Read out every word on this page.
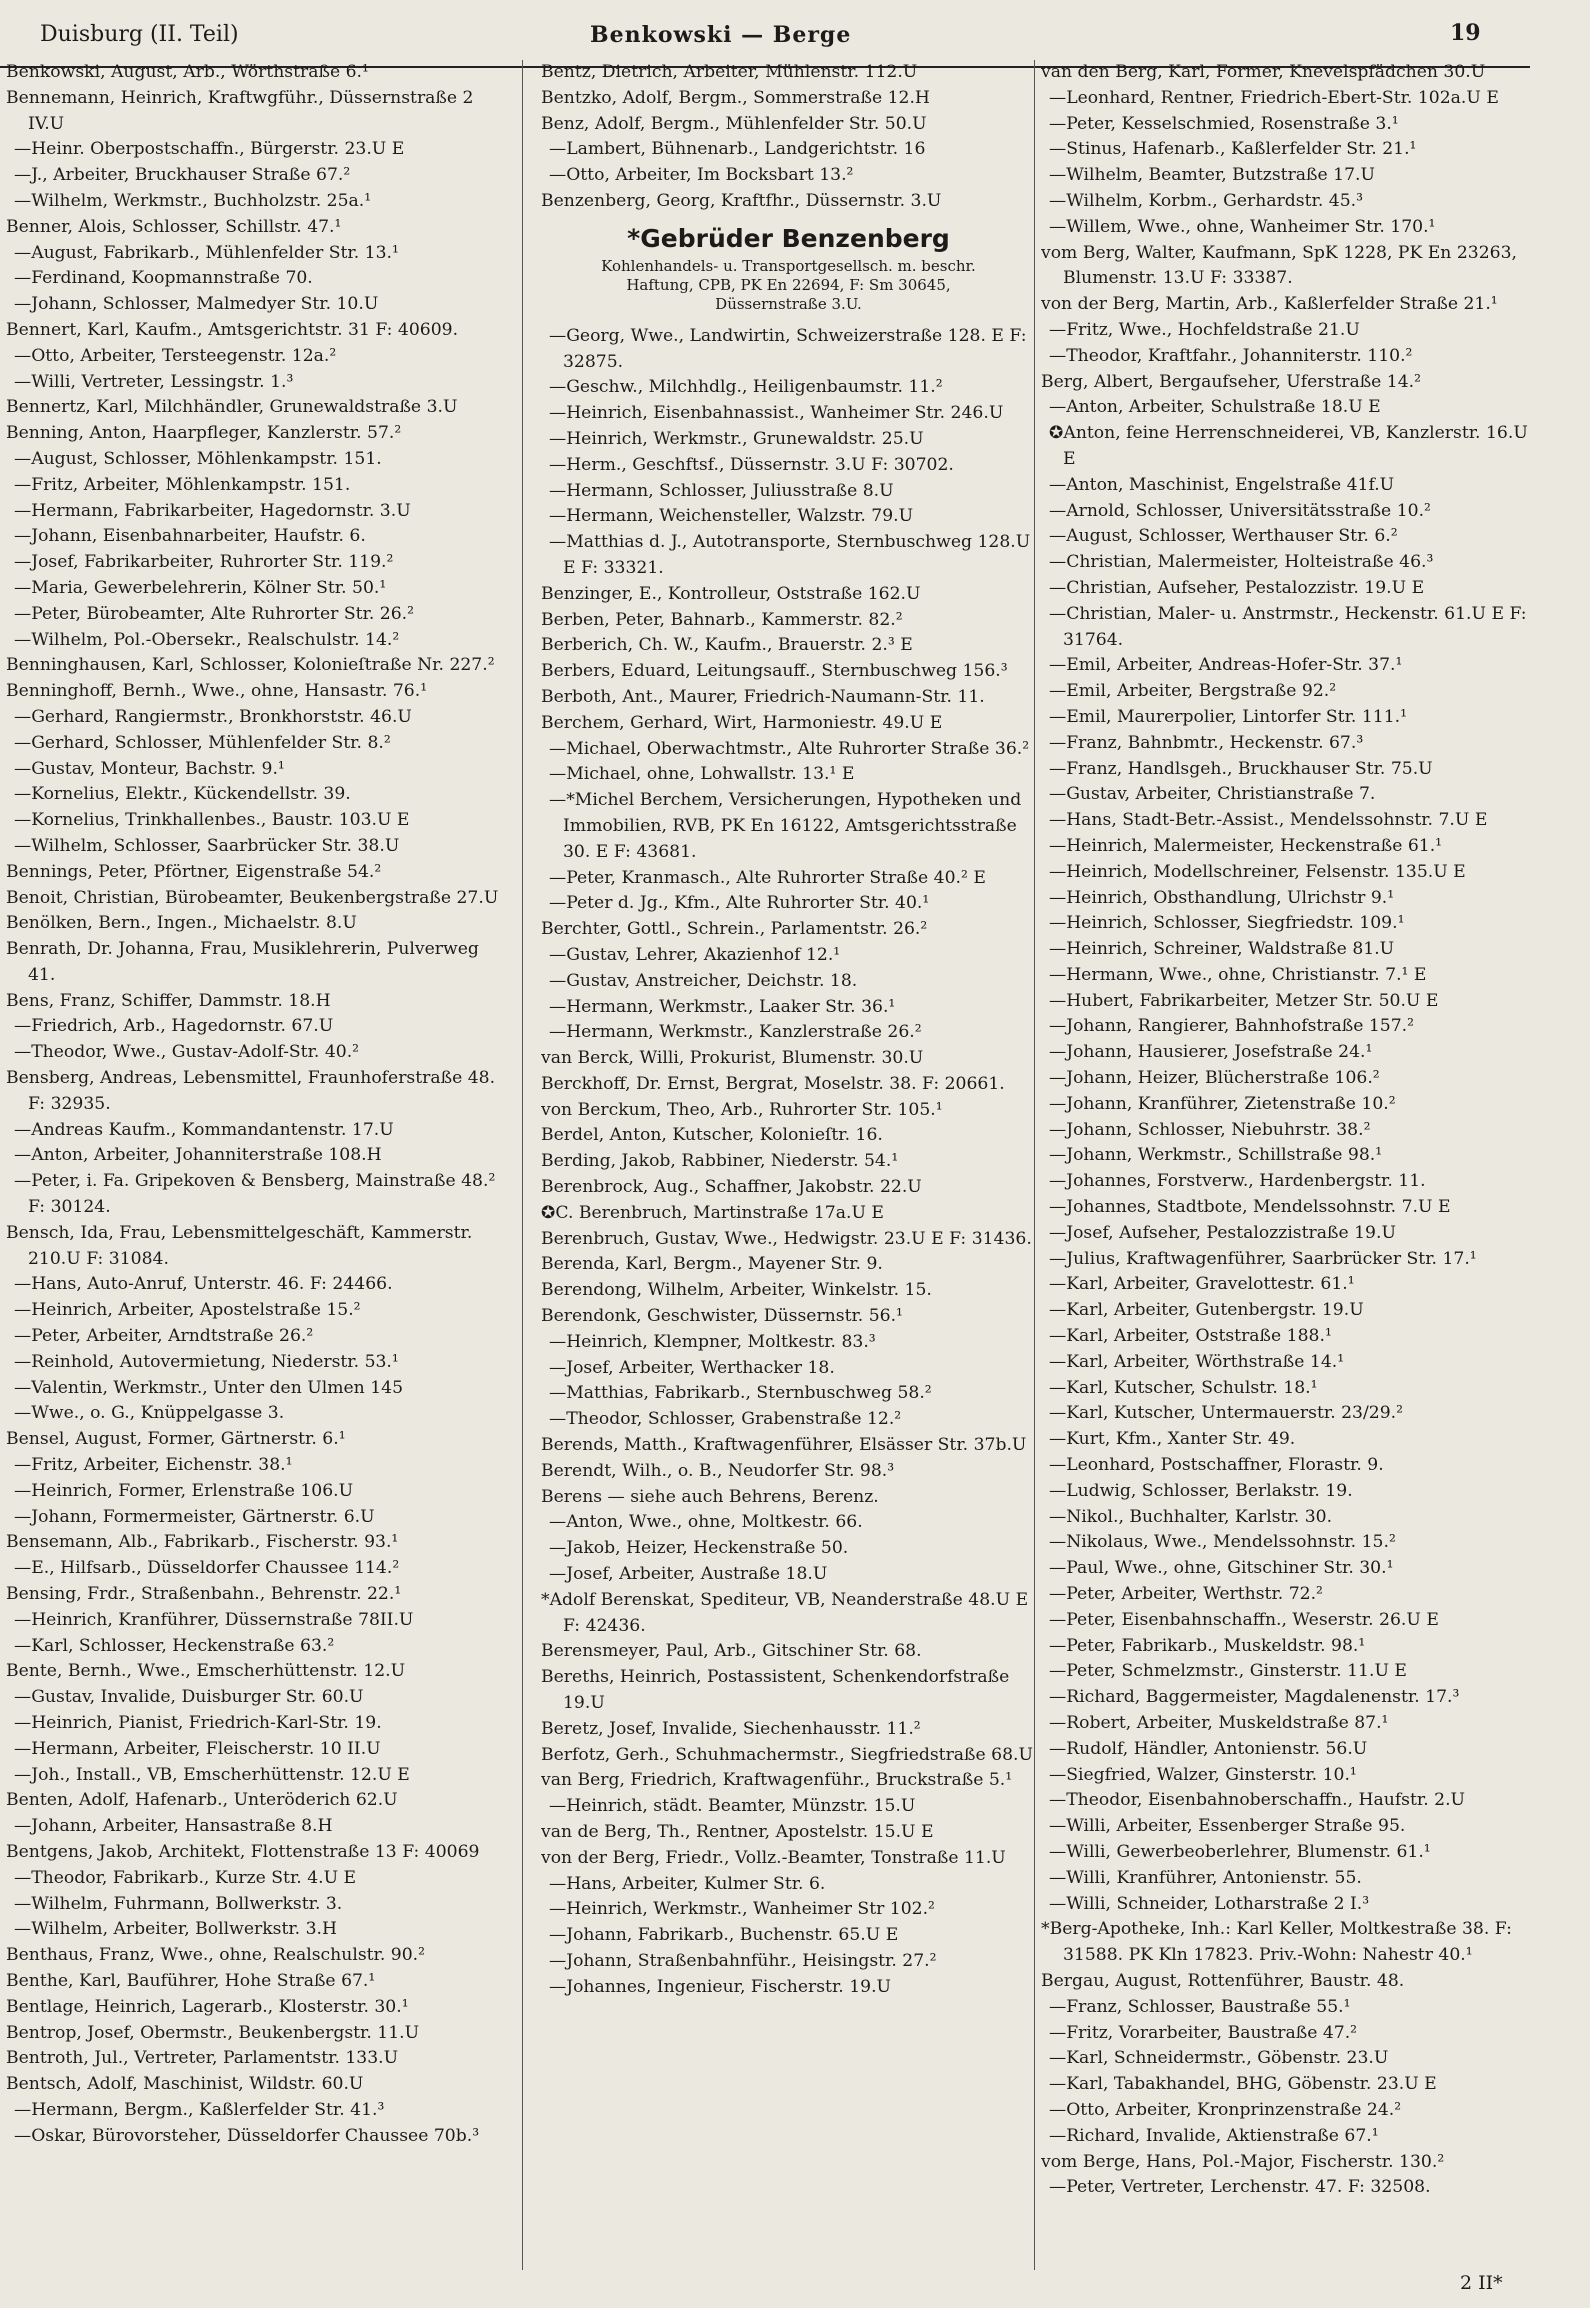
Duisburg (II. Teil)	Benkowski — Berge	19

Benkowski, August, Arb., Wörthstraße 6.¹

Bennemann, Heinrich, Kraftwgführ., Düssernstraße 2 IV.U

—Heinr. Oberpostschaffn., Bürgerstr. 23.U E

—J., Arbeiter, Bruckhauser Straße 67.²

—Wilhelm, Werkmstr., Buchholzstr. 25a.¹

Benner, Alois, Schlosser, Schillstr. 47.¹

—August, Fabrikarb., Mühlenfelder Str. 13.¹

—Ferdinand, Koopmannstraße 70.

—Johann, Schlosser, Malmedyer Str. 10.U

Bennert, Karl, Kaufm., Amtsgerichtstr. 31 F: 40609.

—Otto, Arbeiter, Tersteegenstr. 12a.²

—Willi, Vertreter, Lessingstr. 1.³

Bennertz, Karl, Milchhändler, Grunewaldstraße 3.U

Benning, Anton, Haarpfleger, Kanzlerstr. 57.²

—August, Schlosser, Möhlenkampstr. 151.

—Fritz, Arbeiter, Möhlenkampstr. 151.

—Hermann, Fabrikarbeiter, Hagedornstr. 3.U

—Johann, Eisenbahnarbeiter, Haufstr. 6.

—Josef, Fabrikarbeiter, Ruhrorter Str. 119.²

—Maria, Gewerbelehrerin, Kölner Str. 50.¹

—Peter, Bürobeamter, Alte Ruhrorter Str. 26.²

—Wilhelm, Pol.-Obersekr., Realschulstr. 14.²

Benninghausen, Karl, Schlosser, Kolonieſtraße Nr. 227.²

Benninghoff, Bernh., Wwe., ohne, Hansastr. 76.¹

—Gerhard, Rangiermstr., Bronkhorststr. 46.U

—Gerhard, Schlosser, Mühlenfelder Str. 8.²

—Gustav, Monteur, Bachstr. 9.¹

—Kornelius, Elektr., Kückendellstr. 39.

—Kornelius, Trinkhallenbes., Baustr. 103.U E

—Wilhelm, Schlosser, Saarbrücker Str. 38.U

Bennings, Peter, Pförtner, Eigenstraße 54.²

Benoit, Christian, Bürobeamter, Beukenbergstraße 27.U

Benölken, Bern., Ingen., Michaelstr. 8.U

Benrath, Dr. Johanna, Frau, Musiklehrerin, Pulverweg 41.

Bens, Franz, Schiffer, Dammstr. 18.H

—Friedrich, Arb., Hagedornstr. 67.U

—Theodor, Wwe., Gustav-Adolf-Str. 40.²

Bensberg, Andreas, Lebensmittel, Fraunhoferstraße 48. F: 32935.

—Andreas Kaufm., Kommandantenstr. 17.U

—Anton, Arbeiter, Johanniterstraße 108.H

—Peter, i. Fa. Gripekoven & Bensberg, Mainstraße 48.² F: 30124.

Bensch, Ida, Frau, Lebensmittelgeschäft, Kammerstr. 210.U F: 31084.

—Hans, Auto-Anruf, Unterstr. 46. F: 24466.

—Heinrich, Arbeiter, Apostelstraße 15.²

—Peter, Arbeiter, Arndtstraße 26.²

—Reinhold, Autovermietung, Niederstr. 53.¹

—Valentin, Werkmstr., Unter den Ulmen 145

—Wwe., o. G., Knüppelgasse 3.

Bensel, August, Former, Gärtnerstr. 6.¹

—Fritz, Arbeiter, Eichenstr. 38.¹

—Heinrich, Former, Erlenstraße 106.U

—Johann, Formermeister, Gärtnerstr. 6.U

Bensemann, Alb., Fabrikarb., Fischerstr. 93.¹

—E., Hilfsarb., Düsseldorfer Chaussee 114.²

Bensing, Frdr., Straßenbahn., Behrenstr. 22.¹

—Heinrich, Kranführer, Düssernstraße 78II.U

—Karl, Schlosser, Heckenstraße 63.²

Bente, Bernh., Wwe., Emscherhüttenstr. 12.U

—Gustav, Invalide, Duisburger Str. 60.U

—Heinrich, Pianist, Friedrich-Karl-Str. 19.

—Hermann, Arbeiter, Fleischerstr. 10 II.U

—Joh., Install., VB, Emscherhüttenstr. 12.U E

Benten, Adolf, Hafenarb., Unteröderich 62.U

—Johann, Arbeiter, Hansastraße 8.H

Bentgens, Jakob, Architekt, Flottenstraße 13 F: 40069

—Theodor, Fabrikarb., Kurze Str. 4.U E

—Wilhelm, Fuhrmann, Bollwerkstr. 3.

—Wilhelm, Arbeiter, Bollwerkstr. 3.H

Benthaus, Franz, Wwe., ohne, Realschulstr. 90.²

Benthe, Karl, Bauführer, Hohe Straße 67.¹

Bentlage, Heinrich, Lagerarb., Klosterstr. 30.¹

Bentrop, Josef, Obermstr., Beukenbergstr. 11.U

Bentroth, Jul., Vertreter, Parlamentstr. 133.U

Bentsch, Adolf, Maschinist, Wildstr. 60.U

—Hermann, Bergm., Kaßlerfelder Str. 41.³

—Oskar, Bürovorsteher, Düsseldorfer Chaussee 70b.³

Bentz, Dietrich, Arbeiter, Mühlenstr. 112.U

Bentzko, Adolf, Bergm., Sommerstraße 12.H

Benz, Adolf, Bergm., Mühlenfelder Str. 50.U

—Lambert, Bühnenarb., Landgerichtstr. 16

—Otto, Arbeiter, Im Bocksbart 13.²

Benzenberg, Georg, Kraftfhr., Düssernstr. 3.U

*Gebrüder Benzenberg
Kohlenhandels- u. Transportgesellsch. m. beschr.
Haftung, CPB, PK En 22694, F: Sm 30645,
Düssernstraße 3.U.

—Georg, Wwe., Landwirtin, Schweizerstraße 128. E F: 32875.

—Geschw., Milchhdlg., Heiligenbaumstr. 11.²

—Heinrich, Eisenbahnassist., Wanheimer Str. 246.U

—Heinrich, Werkmstr., Grunewaldstr. 25.U

—Herm., Geschftsf., Düssernstr. 3.U F: 30702.

—Hermann, Schlosser, Juliusstraße 8.U

—Hermann, Weichensteller, Walzstr. 79.U

—Matthias d. J., Autotransporte, Sternbuschweg 128.U E F: 33321.

Benzinger, E., Kontrolleur, Oststraße 162.U

Berben, Peter, Bahnarb., Kammerstr. 82.²

Berberich, Ch. W., Kaufm., Brauerstr. 2.³ E

Berbers, Eduard, Leitungsauff., Sternbuschweg 156.³

Berboth, Ant., Maurer, Friedrich-Naumann-Str. 11.

Berchem, Gerhard, Wirt, Harmoniestr. 49.U E

—Michael, Oberwachtmstr., Alte Ruhrorter Straße 36.²

—Michael, ohne, Lohwallstr. 13.¹ E

—*Michel Berchem, Versicherungen, Hypotheken und Immobilien, RVB, PK En 16122, Amtsgerichtsstraße 30. E F: 43681.

—Peter, Kranmasch., Alte Ruhrorter Straße 40.² E

—Peter d. Jg., Kfm., Alte Ruhrorter Str. 40.¹

Berchter, Gottl., Schrein., Parlamentstr. 26.²

—Gustav, Lehrer, Akazienhof 12.¹

—Gustav, Anstreicher, Deichstr. 18.

—Hermann, Werkmstr., Laaker Str. 36.¹

—Hermann, Werkmstr., Kanzlerstraße 26.²

van Berck, Willi, Prokurist, Blumenstr. 30.U

Berckhoff, Dr. Ernst, Bergrat, Moselstr. 38. F: 20661.

von Berckum, Theo, Arb., Ruhrorter Str. 105.¹

Berdel, Anton, Kutscher, Kolonieſtr. 16.

Berding, Jakob, Rabbiner, Niederstr. 54.¹

Berenbrock, Aug., Schaffner, Jakobstr. 22.U

✪C. Berenbruch, Martinstraße 17a.U E

Berenbruch, Gustav, Wwe., Hedwigstr. 23.U E F: 31436.

Berenda, Karl, Bergm., Mayener Str. 9.

Berendong, Wilhelm, Arbeiter, Winkelstr. 15.

Berendonk, Geschwister, Düssernstr. 56.¹

—Heinrich, Klempner, Moltkestr. 83.³

—Josef, Arbeiter, Werthacker 18.

—Matthias, Fabrikarb., Sternbuschweg 58.²

—Theodor, Schlosser, Grabenstraße 12.²

Berends, Matth., Kraftwagenführer, Elsässer Str. 37b.U

Berendt, Wilh., o. B., Neudorfer Str. 98.³

Berens — siehe auch Behrens, Berenz.

—Anton, Wwe., ohne, Moltkestr. 66.

—Jakob, Heizer, Heckenstraße 50.

—Josef, Arbeiter, Austraße 18.U

*Adolf Berenskat, Spediteur, VB, Neanderstraße 48.U E F: 42436.

Berensmeyer, Paul, Arb., Gitschiner Str. 68.

Bereths, Heinrich, Postassistent, Schenkendorfstraße 19.U

Beretz, Josef, Invalide, Siechenhausstr. 11.²

Berfotz, Gerh., Schuhmachermstr., Siegfriedstraße 68.U

van Berg, Friedrich, Kraftwagenführ., Bruckstraße 5.¹

—Heinrich, städt. Beamter, Münzstr. 15.U

van de Berg, Th., Rentner, Apostelstr. 15.U E

von der Berg, Friedr., Vollz.-Beamter, Tonstraße 11.U

—Hans, Arbeiter, Kulmer Str. 6.

—Heinrich, Werkmstr., Wanheimer Str 102.²

—Johann, Fabrikarb., Buchenstr. 65.U E

—Johann, Straßenbahnführ., Heisingstr. 27.²

—Johannes, Ingenieur, Fischerstr. 19.U

van den Berg, Karl, Former, Knevelspfädchen 30.U

—Leonhard, Rentner, Friedrich-Ebert-Str. 102a.U E

—Peter, Kesselschmied, Rosenstraße 3.¹

—Stinus, Hafenarb., Kaßlerfelder Str. 21.¹

—Wilhelm, Beamter, Butzstraße 17.U

—Wilhelm, Korbm., Gerhardstr. 45.³

—Willem, Wwe., ohne, Wanheimer Str. 170.¹

vom Berg, Walter, Kaufmann, SpK 1228, PK En 23263, Blumenstr. 13.U F: 33387.

von der Berg, Martin, Arb., Kaßlerfelder Straße 21.¹

—Fritz, Wwe., Hochfeldstraße 21.U

—Theodor, Kraftfahr., Johanniterstr. 110.²

Berg, Albert, Bergaufseher, Uferstraße 14.²

—Anton, Arbeiter, Schulstraße 18.U E

✪Anton, feine Herrenschneiderei, VB, Kanzlerstr. 16.U E

—Anton, Maschinist, Engelstraße 41f.U

—Arnold, Schlosser, Universitätsstraße 10.²

—August, Schlosser, Werthauser Str. 6.²

—Christian, Malermeister, Holteistraße 46.³

—Christian, Aufseher, Pestalozzistr. 19.U E

—Christian, Maler- u. Anstrmstr., Heckenstr. 61.U E F: 31764.

—Emil, Arbeiter, Andreas-Hofer-Str. 37.¹

—Emil, Arbeiter, Bergstraße 92.²

—Emil, Maurerpolier, Lintorfer Str. 111.¹

—Franz, Bahnbmtr., Heckenstr. 67.³

—Franz, Handlsgeh., Bruckhauser Str. 75.U

—Gustav, Arbeiter, Christianstraße 7.

—Hans, Stadt-Betr.-Assist., Mendelssohnstr. 7.U E

—Heinrich, Malermeister, Heckenstraße 61.¹

—Heinrich, Modellschreiner, Felsenstr. 135.U E

—Heinrich, Obsthandlung, Ulrichstr 9.¹

—Heinrich, Schlosser, Siegfriedstr. 109.¹

—Heinrich, Schreiner, Waldstraße 81.U

—Hermann, Wwe., ohne, Christianstr. 7.¹ E

—Hubert, Fabrikarbeiter, Metzer Str. 50.U E

—Johann, Rangierer, Bahnhofstraße 157.²

—Johann, Hausierer, Josefstraße 24.¹

—Johann, Heizer, Blücherstraße 106.²

—Johann, Kranführer, Zietenstraße 10.²

—Johann, Schlosser, Niebuhrstr. 38.²

—Johann, Werkmstr., Schillstraße 98.¹

—Johannes, Forstverw., Hardenbergstr. 11.

—Johannes, Stadtbote, Mendelssohnstr. 7.U E

—Josef, Aufseher, Pestalozzistraße 19.U

—Julius, Kraftwagenführer, Saarbrücker Str. 17.¹

—Karl, Arbeiter, Gravelottestr. 61.¹

—Karl, Arbeiter, Gutenbergstr. 19.U

—Karl, Arbeiter, Oststraße 188.¹

—Karl, Arbeiter, Wörthstraße 14.¹

—Karl, Kutscher, Schulstr. 18.¹

—Karl, Kutscher, Untermauerstr. 23/29.²

—Kurt, Kfm., Xanter Str. 49.

—Leonhard, Postschaffner, Florastr. 9.

—Ludwig, Schlosser, Berlakstr. 19.

—Nikol., Buchhalter, Karlstr. 30.

—Nikolaus, Wwe., Mendelssohnstr. 15.²

—Paul, Wwe., ohne, Gitschiner Str. 30.¹

—Peter, Arbeiter, Werthstr. 72.²

—Peter, Eisenbahnschaffn., Weserstr. 26.U E

—Peter, Fabrikarb., Muskeldstr. 98.¹

—Peter, Schmelzmstr., Ginsterstr. 11.U E

—Richard, Baggermeister, Magdalenenstr. 17.³

—Robert, Arbeiter, Muskeldstraße 87.¹

—Rudolf, Händler, Antonienstr. 56.U

—Siegfried, Walzer, Ginsterstr. 10.¹

—Theodor, Eisenbahnoberschaffn., Haufstr. 2.U

—Willi, Arbeiter, Essenberger Straße 95.

—Willi, Gewerbeoberlehrer, Blumenstr. 61.¹

—Willi, Kranführer, Antonienstr. 55.

—Willi, Schneider, Lotharstraße 2 I.³

*Berg-Apotheke, Inh.: Karl Keller, Moltkestraße 38. F: 31588. PK Kln 17823. Priv.-Wohn: Nahestr 40.¹

Bergau, August, Rottenführer, Baustr. 48.

—Franz, Schlosser, Baustraße 55.¹

—Fritz, Vorarbeiter, Baustraße 47.²

—Karl, Schneidermstr., Göbenstr. 23.U

—Karl, Tabakhandel, BHG, Göbenstr. 23.U E

—Otto, Arbeiter, Kronprinzenstraße 24.²

—Richard, Invalide, Aktienstraße 67.¹

vom Berge, Hans, Pol.-Major, Fischerstr. 130.²

—Peter, Vertreter, Lerchenstr. 47. F: 32508.

2 II*
